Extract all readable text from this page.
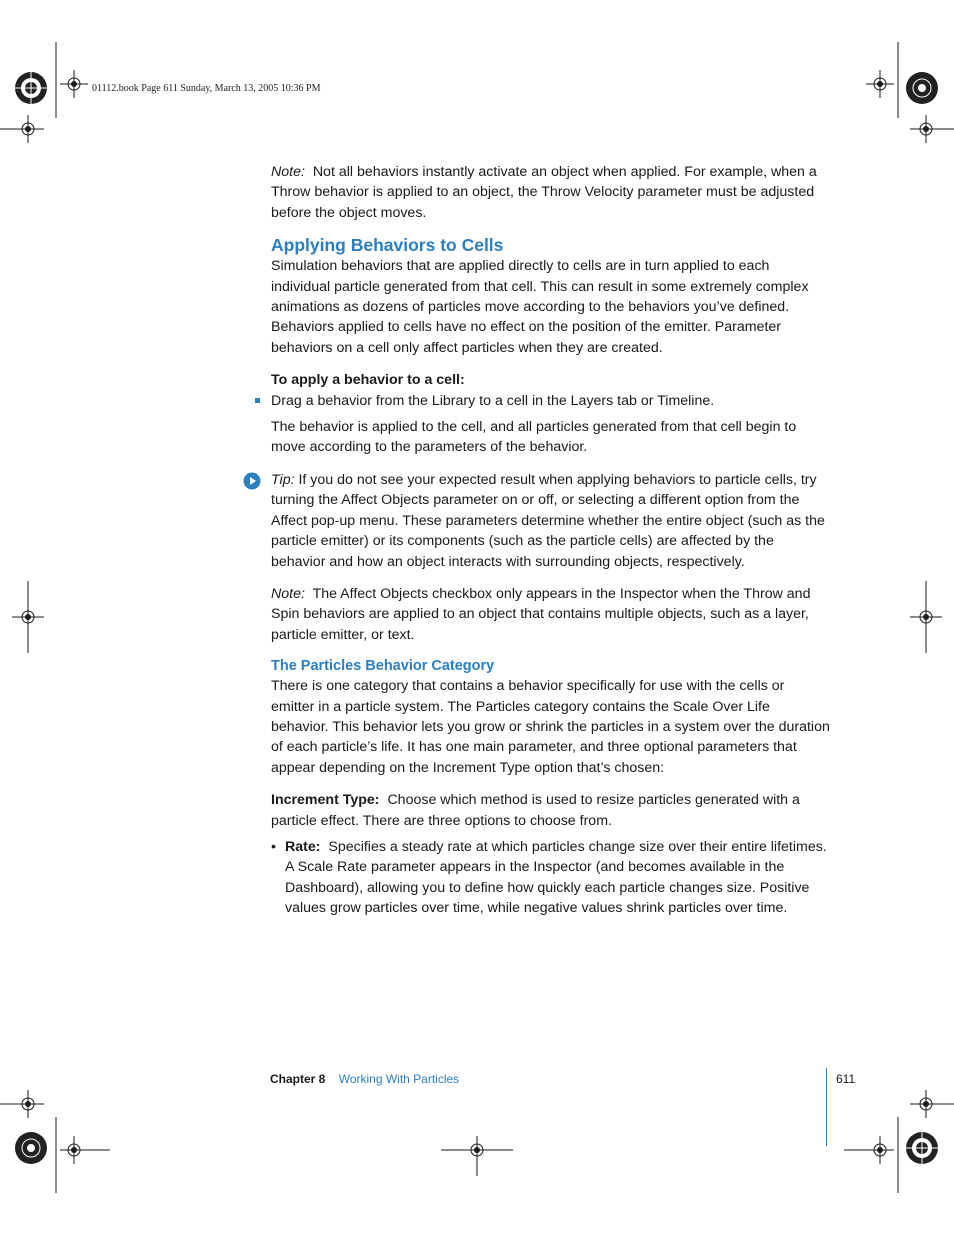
01112.book Page 611 Sunday, March 13, 2005 10:36 PM

Note: Not all behaviors instantly activate an object when applied. For example, when a Throw behavior is applied to an object, the Throw Velocity parameter must be adjusted before the object moves.

Applying Behaviors to Cells

Simulation behaviors that are applied directly to cells are in turn applied to each individual particle generated from that cell. This can result in some extremely complex animations as dozens of particles move according to the behaviors you’ve defined. Behaviors applied to cells have no effect on the position of the emitter. Parameter behaviors on a cell only affect particles when they are created.

To apply a behavior to a cell:

Drag a behavior from the Library to a cell in the Layers tab or Timeline.

The behavior is applied to the cell, and all particles generated from that cell begin to move according to the parameters of the behavior.

Tip: If you do not see your expected result when applying behaviors to particle cells, try turning the Affect Objects parameter on or off, or selecting a different option from the Affect pop-up menu. These parameters determine whether the entire object (such as the particle emitter) or its components (such as the particle cells) are affected by the behavior and how an object interacts with surrounding objects, respectively.

Note: The Affect Objects checkbox only appears in the Inspector when the Throw and Spin behaviors are applied to an object that contains multiple objects, such as a layer, particle emitter, or text.

The Particles Behavior Category

There is one category that contains a behavior specifically for use with the cells or emitter in a particle system. The Particles category contains the Scale Over Life behavior. This behavior lets you grow or shrink the particles in a system over the duration of each particle’s life. It has one main parameter, and three optional parameters that appear depending on the Increment Type option that’s chosen:

Increment Type: Choose which method is used to resize particles generated with a particle effect. There are three options to choose from.

• Rate: Specifies a steady rate at which particles change size over their entire lifetimes. A Scale Rate parameter appears in the Inspector (and becomes available in the Dashboard), allowing you to define how quickly each particle changes size. Positive values grow particles over time, while negative values shrink particles over time.
Chapter 8 Working With Particles	611
